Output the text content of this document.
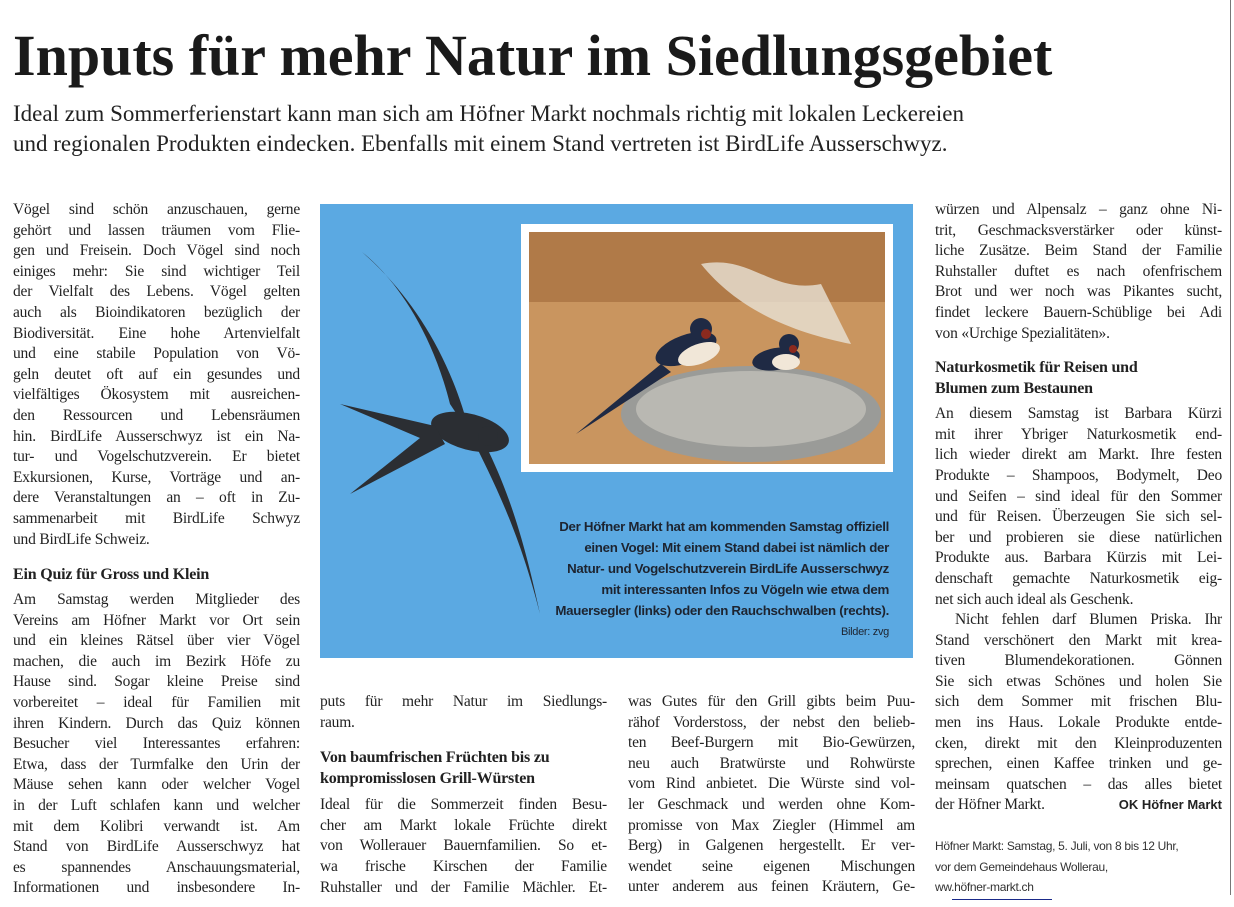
Inputs für mehr Natur im Siedlungsgebiet
Ideal zum Sommerferienstart kann man sich am Höfner Markt nochmals richtig mit lokalen Leckereien
und regionalen Produkten eindecken. Ebenfalls mit einem Stand vertreten ist BirdLife Ausserschwyz.
Der Höfner Markt hat am kommenden Samstag offiziell
einen Vogel: Mit einem Stand dabei ist nämlich der
Natur- und Vogelschutzverein BirdLife Ausserschwyz
mit interessanten Infos zu Vögeln wie etwa dem
Mauersegler (links) oder den Rauchschwalben (rechts).
Bilder: zvg
Vögel sind schön anzuschauen, gerne
gehört und lassen träumen vom Flie-
gen und Freisein. Doch Vögel sind noch
einiges mehr: Sie sind wichtiger Teil
der Vielfalt des Lebens. Vögel gelten
auch als Bioindikatoren bezüglich der
Biodiversität. Eine hohe Artenvielfalt
und eine stabile Population von Vö-
geln deutet oft auf ein gesundes und
vielfältiges Ökosystem mit ausreichen-
den Ressourcen und Lebensräumen
hin. BirdLife Ausserschwyz ist ein Na-
tur- und Vogelschutzverein. Er bietet
Exkursionen, Kurse, Vorträge und an-
dere Veranstaltungen an – oft in Zu-
sammenarbeit mit BirdLife Schwyz
und BirdLife Schweiz.
Ein Quiz für Gross und Klein
Am Samstag werden Mitglieder des
Vereins am Höfner Markt vor Ort sein
und ein kleines Rätsel über vier Vögel
machen, die auch im Bezirk Höfe zu
Hause sind. Sogar kleine Preise sind
vorbereitet – ideal für Familien mit
ihren Kindern. Durch das Quiz können
Besucher viel Interessantes erfahren:
Etwa, dass der Turmfalke den Urin der
Mäuse sehen kann oder welcher Vogel
in der Luft schlafen kann und welcher
mit dem Kolibri verwandt ist. Am
Stand von BirdLife Ausserschwyz hat
es spannendes Anschauungsmaterial,
Informationen und insbesondere In-
puts für mehr Natur im Siedlungs-
raum.
Von baumfrischen Früchten bis zu
kompromisslosen Grill-Würsten
Ideal für die Sommerzeit finden Besu-
cher am Markt lokale Früchte direkt
von Wollerauer Bauernfamilien. So et-
wa frische Kirschen der Familie
Ruhstaller und der Familie Mächler. Et-
was Gutes für den Grill gibts beim Puu-
rähof Vorderstoss, der nebst den belieb-
ten Beef-Burgern mit Bio-Gewürzen,
neu auch Bratwürste und Rohwürste
vom Rind anbietet. Die Würste sind vol-
ler Geschmack und werden ohne Kom-
promisse von Max Ziegler (Himmel am
Berg) in Galgenen hergestellt. Er ver-
wendet seine eigenen Mischungen
unter anderem aus feinen Kräutern, Ge-
würzen und Alpensalz – ganz ohne Ni-
trit, Geschmacksverstärker oder künst-
liche Zusätze. Beim Stand der Familie
Ruhstaller duftet es nach ofenfrischem
Brot und wer noch was Pikantes sucht,
findet leckere Bauern-Schüblige bei Adi
von «Urchige Spezialitäten».
Naturkosmetik für Reisen und
Blumen zum Bestaunen
An diesem Samstag ist Barbara Kürzi
mit ihrer Ybriger Naturkosmetik end-
lich wieder direkt am Markt. Ihre festen
Produkte – Shampoos, Bodymelt, Deo
und Seifen – sind ideal für den Sommer
und für Reisen. Überzeugen Sie sich sel-
ber und probieren sie diese natürlichen
Produkte aus. Barbara Kürzis mit Lei-
denschaft gemachte Naturkosmetik eig-
net sich auch ideal als Geschenk.
Nicht fehlen darf Blumen Priska. Ihr
Stand verschönert den Markt mit krea-
tiven Blumendekorationen. Gönnen
Sie sich etwas Schönes und holen Sie
sich dem Sommer mit frischen Blu-
men ins Haus. Lokale Produkte entde-
cken, direkt mit den Kleinproduzenten
sprechen, einen Kaffee trinken und ge-
meinsam quatschen – das alles bietet
OK Höfner Markt
der Höfner Markt.
Höfner Markt: Samstag, 5. Juli, von 8 bis 12 Uhr,
vor dem Gemeindehaus Wollerau,
ww.höfner-markt.ch
